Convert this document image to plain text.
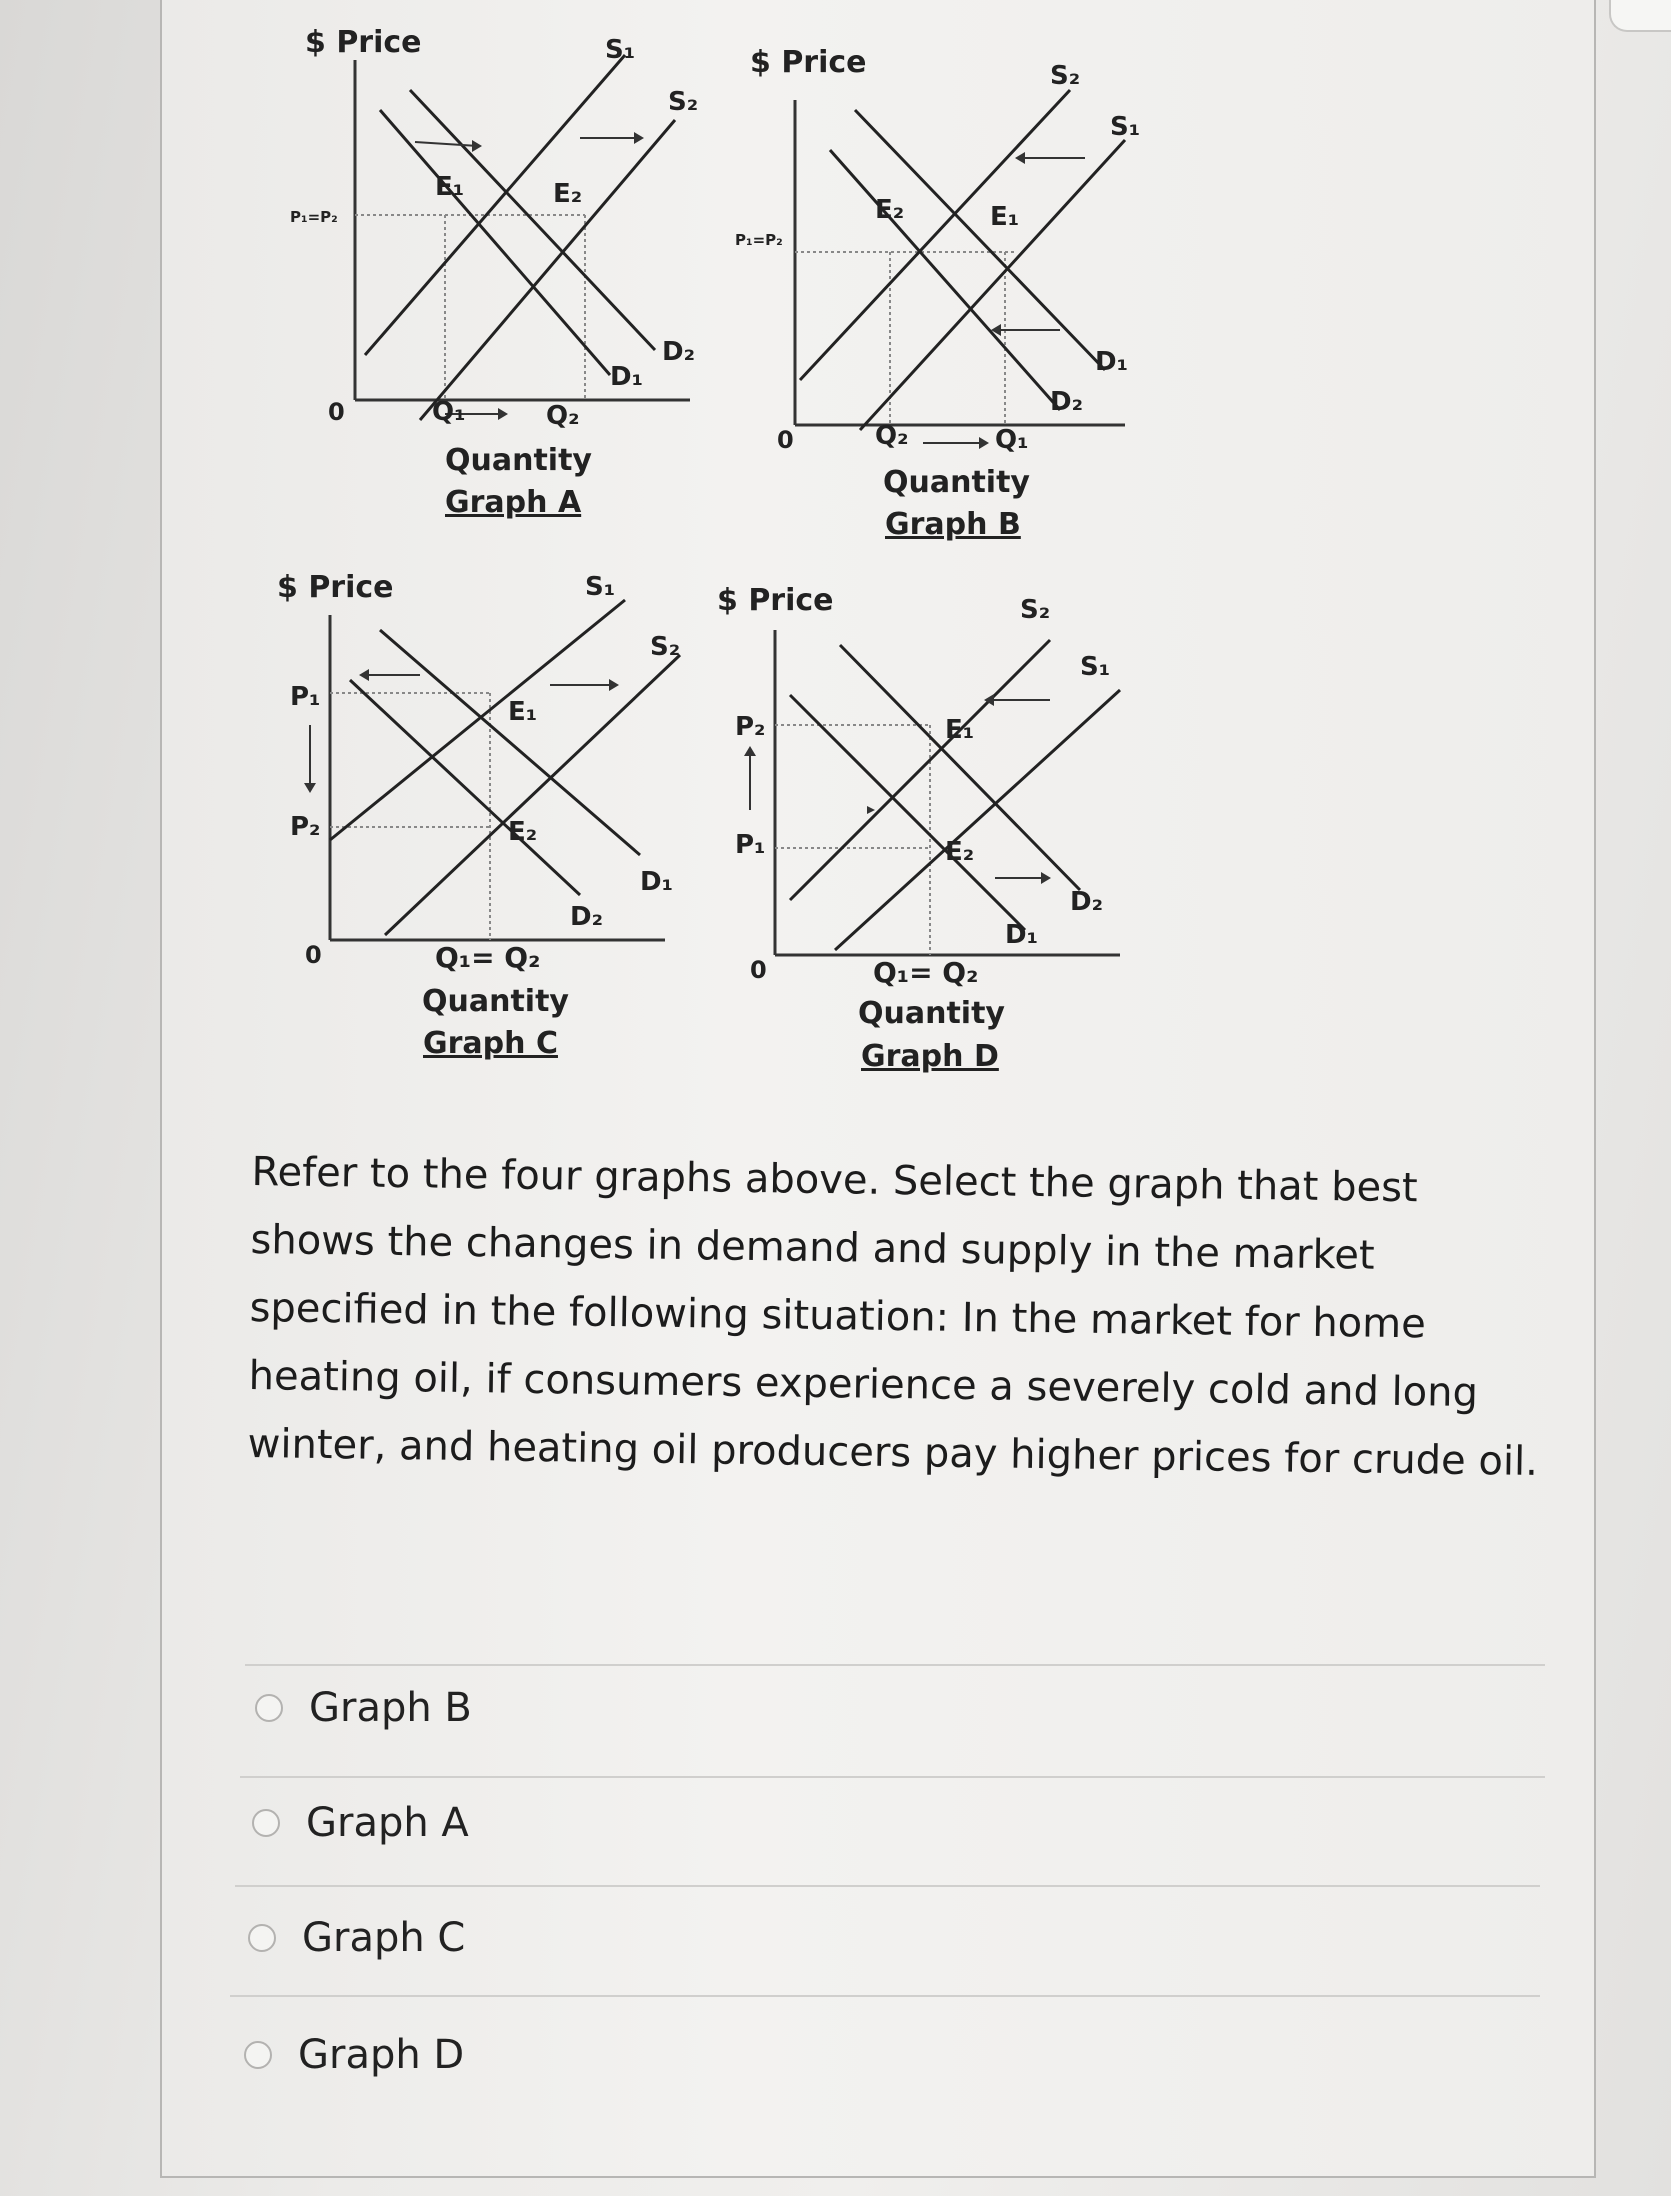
$ Price
P₁=P₂
0	Q₁	Q₂
Quantity
Graph A
S₁
S₂
D₁
D₂
E₁	E₂
$ Price
P₁=P₂
0	Q₂	Q₁
Quantity
Graph B
S₂
S₁
D₁
D₂
E₂	E₁
$ Price
P₁
P₂
0	Q₁= Q₂
Quantity
Graph C
S₁
S₂
D₁
D₂
E₁
E₂
$ Price
P₂
P₁
0	Q₁= Q₂
Quantity
Graph D
S₂
S₁
D₁
D₂
E₁
E₂

Refer to the four graphs above. Select the graph that best
shows the changes in demand and supply in the market
specified in the following situation: In the market for home
heating oil, if consumers experience a severely cold and long
winter, and heating oil producers pay higher prices for crude oil.

Graph B
Graph A
Graph C
Graph D
